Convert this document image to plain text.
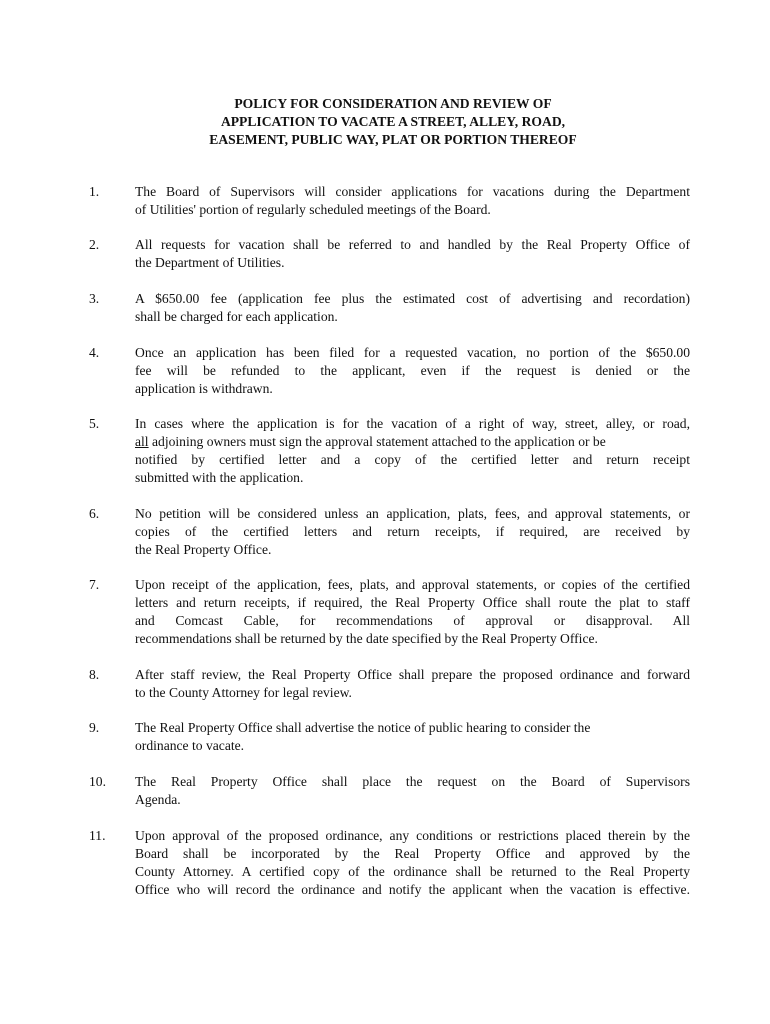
POLICY FOR CONSIDERATION AND REVIEW OF
APPLICATION TO VACATE A STREET, ALLEY, ROAD,
EASEMENT, PUBLIC WAY, PLAT OR PORTION THEREOF
1.	The Board of Supervisors will consider applications for vacations during the Department
of Utilities' portion of regularly scheduled meetings of the Board.
2.	All requests for vacation shall be referred to and handled by the Real Property Office of
the Department of Utilities.
3.	A $650.00 fee (application fee plus the estimated cost of advertising and recordation)
shall be charged for each application.
4.	Once an application has been filed for a requested vacation, no portion of the $650.00
fee will be refunded to the applicant, even if the request is denied or the
application is withdrawn.
5.	In cases where the application is for the vacation of a right of way, street, alley, or road,
all adjoining owners must sign the approval statement attached to the application or be
notified by certified letter and a copy of the certified letter and return receipt
submitted with the application.
6.	No petition will be considered unless an application, plats, fees, and approval statements, or
copies of the certified letters and return receipts, if required, are received by
the Real Property Office.
7.	Upon receipt of the application, fees, plats, and approval statements, or copies of the certified
letters and return receipts, if required, the Real Property Office shall route the plat to staff
and Comcast Cable, for recommendations of approval or disapproval. All
recommendations shall be returned by the date specified by the Real Property Office.
8.	After staff review, the Real Property Office shall prepare the proposed ordinance and forward
to the County Attorney for legal review.
9.	The Real Property Office shall advertise the notice of public hearing to consider the
ordinance to vacate.
10. The Real Property Office shall place the request on the Board of Supervisors
Agenda.
11. Upon approval of the proposed ordinance, any conditions or restrictions placed therein by the
Board shall be incorporated by the Real Property Office and approved by the
County Attorney. A certified copy of the ordinance shall be returned to the Real Property
Office who will record the ordinance and notify the applicant when the vacation is effective.
